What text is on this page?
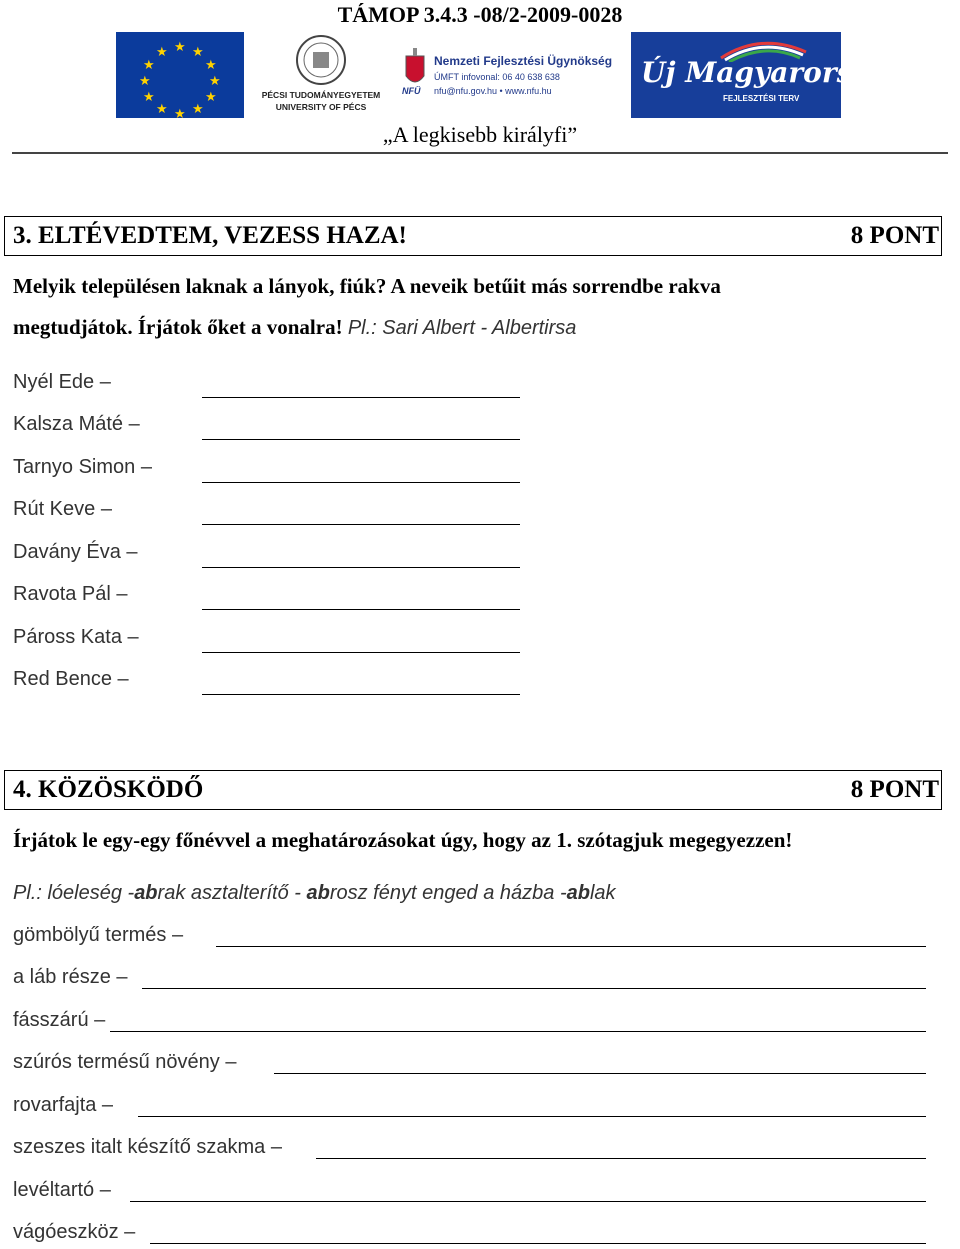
TÁMOP 3.4.3 -08/2-2009-0028
★ ★
★
★
★
★
★
★
★
★
★
★
PÉCSI TUDOMÁNYEGYETEM
UNIVERSITY OF PÉCS
Nemzeti Fejlesztési Ügynökség
ÚMFT infovonal: 06 40 638 638
nfu@nfu.gov.hu • www.nfu.hu
NFÜ
Új Magyarország
FEJLESZTÉSI TERV
„A legkisebb királyfi”
3. ELTÉVEDTEM, VEZESS HAZA!	8 PONT
Melyik településen laknak a lányok, fiúk? A neveik betűit más sorrendbe rakva
megtudjátok. Írjátok őket a vonalra! Pl.: Sari Albert - Albertirsa
Nyél Ede –
Kalsza Máté –
Tarnyo Simon –
Rút Keve –
Davány Éva –
Ravota Pál –
Páross Kata –
Red Bence –
4. KÖZÖSKÖDŐ	8 PONT
Írjátok le egy-egy főnévvel a meghatározásokat úgy, hogy az 1. szótagjuk megegyezzen!
Pl.: lóeleség -abrak asztalterítő - abrosz fényt enged a házba -ablak
gömbölyű termés –
a láb része –
fásszárú –
szúrós termésű növény –
rovarfajta –
szeszes italt készítő szakma –
levéltartó –
vágóeszköz –
